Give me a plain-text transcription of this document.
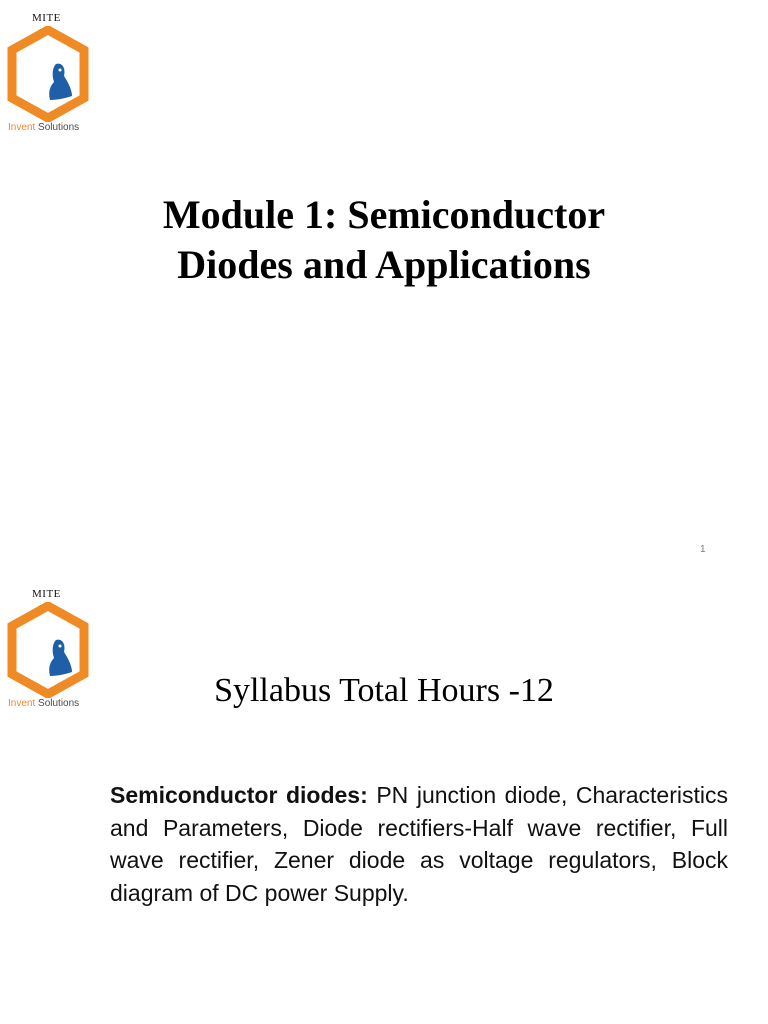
MITE
Invent Solutions
Module 1: Semiconductor
Diodes and Applications
1
MITE
Invent Solutions	Syllabus Total Hours -12

Semiconductor diodes: PN junction diode, Characteristics and Parameters, Diode rectifiers-Half wave rectifier, Full wave rectifier, Zener diode as voltage regulators, Block diagram of DC power Supply.
